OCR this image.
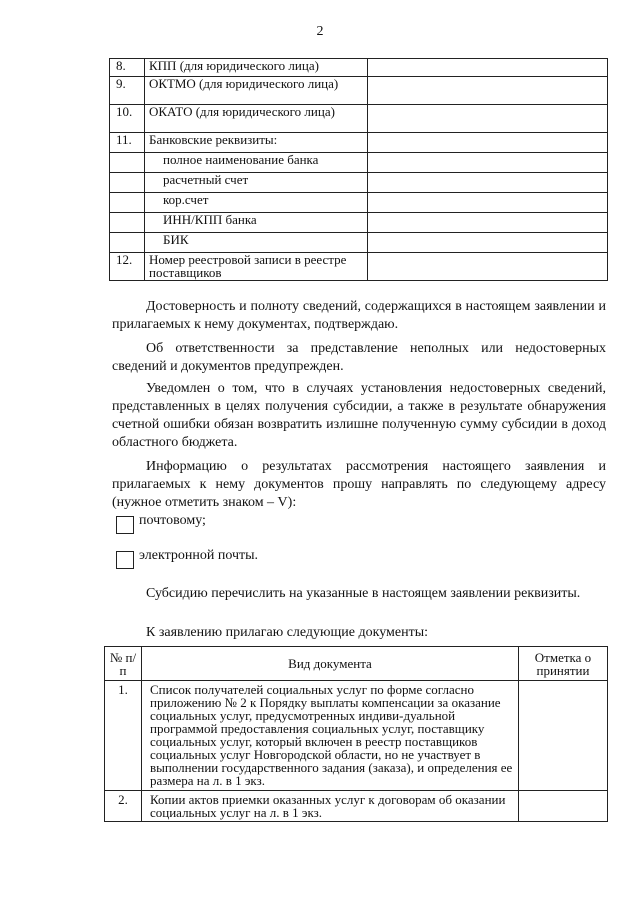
2
8.	КПП (для юридического лица)	
9.	ОКТМО (для юридического лица)	
10.	ОКАТО (для юридического лица)	
11.	Банковские реквизиты:	
	полное наименование банка	
	расчетный счет	
	кор.счет	
	ИНН/КПП банка	
	БИК	
12.	Номер реестровой записи в реестре поставщиков	

Достоверность и полноту сведений, содержащихся в настоящем заявлении и прилагаемых к нему документах, подтверждаю.

Об ответственности за представление неполных или недостоверных сведений и документов предупрежден.

Уведомлен о том, что в случаях установления недостоверных сведений, представленных в целях получения субсидии, а также в результате обнаружения счетной ошибки обязан возвратить излишне полученную сумму субсидии в доход областного бюджета.

Информацию о результатах рассмотрения настоящего заявления и прилагаемых к нему документов прошу направлять по следующему адресу (нужное отметить знаком – V):

почтовому;
электронной почты.

Субсидию перечислить на указанные в настоящем заявлении реквизиты.

К заявлению прилагаю следующие документы:

№ п/п	Вид документа	Отметка о принятии
1.	Список получателей социальных услуг по форме согласно приложению № 2 к Порядку выплаты компенсации за оказание социальных услуг, предусмотренных индиви-дуальной программой предоставления социальных услуг, поставщику социальных услуг, который включен в реестр поставщиков социальных услуг Новгородской области, но не участвует в выполнении государственного задания (заказа), и определения ее размера на л. в 1 экз.	
2.	Копии актов приемки оказанных услуг к договорам об оказании социальных услуг на л. в 1 экз.	
